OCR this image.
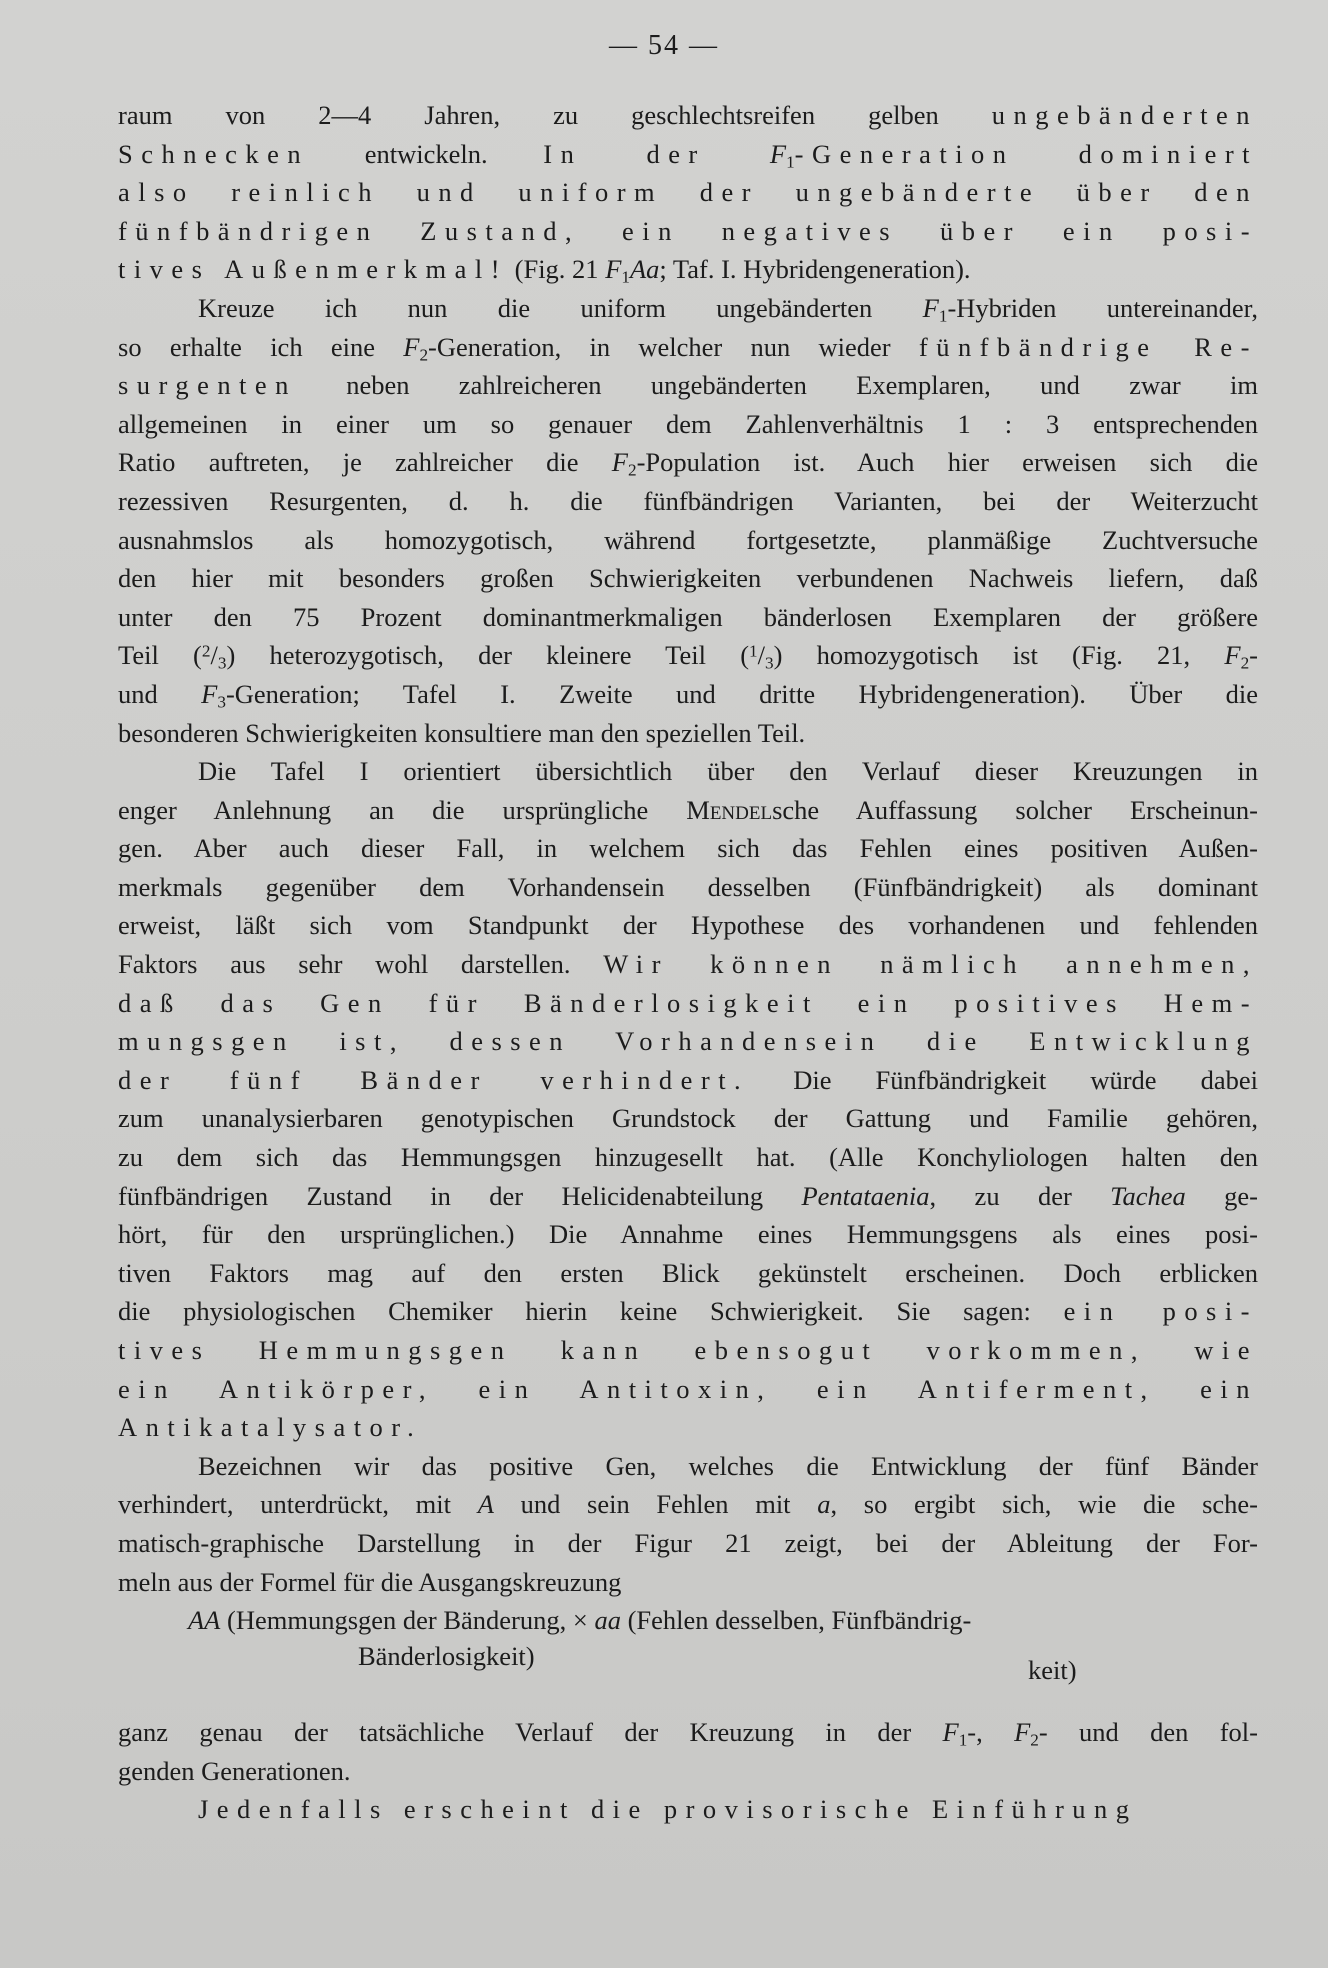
— 54 —
raum von 2—4 Jahren, zu geschlechtsreifen gelben ungebänderten
Schnecken entwickeln. In der $F_1$-Generation dominiert
also reinlich und uniform der ungebänderte über den
fünfbändrigen Zustand, ein negatives über ein posi-
tives Außenmerkmal! (Fig. 21 $F_1Aa$; Taf. I. Hybridengeneration).
Kreuze ich nun die uniform ungebänderten $F_1$-Hybriden untereinander,
so erhalte ich eine $F_2$-Generation, in welcher nun wieder fünfbändrige Re-
surgenten neben zahlreicheren ungebänderten Exemplaren, und zwar im
allgemeinen in einer um so genauer dem Zahlenverhältnis 1 : 3 entsprechenden
Ratio auftreten, je zahlreicher die $F_2$-Population ist. Auch hier erweisen sich die
rezessiven Resurgenten, d. h. die fünfbändrigen Varianten, bei der Weiterzucht
ausnahmslos als homozygotisch, während fortgesetzte, planmäßige Zuchtversuche
den hier mit besonders großen Schwierigkeiten verbundenen Nachweis liefern, daß
unter den 75 Prozent dominantmerkmaligen bänderlosen Exemplaren der größere
Teil $(^2/_3)$ heterozygotisch, der kleinere Teil $(^1/_3)$ homozygotisch ist (Fig. 21, $F_2-$
und $F_3$-Generation; Tafel I. Zweite und dritte Hybridengeneration). Über die
besonderen Schwierigkeiten konsultiere man den speziellen Teil.
Die Tafel I orientiert übersichtlich über den Verlauf dieser Kreuzungen in
enger Anlehnung an die ursprüngliche Mendelsche Auffassung solcher Erscheinun-
gen. Aber auch dieser Fall, in welchem sich das Fehlen eines positiven Außen-
merkmals gegenüber dem Vorhandensein desselben (Fünfbändrigkeit) als dominant
erweist, läßt sich vom Standpunkt der Hypothese des vorhandenen und fehlenden
Faktors aus sehr wohl darstellen. Wir können nämlich annehmen,
daß das Gen für Bänderlosigkeit ein positives Hem-
mungsgen ist, dessen Vorhandensein die Entwicklung
der fünf Bänder verhindert. Die Fünfbändrigkeit würde dabei
zum unanalysierbaren genotypischen Grundstock der Gattung und Familie gehören,
zu dem sich das Hemmungsgen hinzugesellt hat. (Alle Konchyliologen halten den
fünfbändrigen Zustand in der Helicidenabteilung Pentataenia, zu der Tachea ge-
hört, für den ursprünglichen.) Die Annahme eines Hemmungsgens als eines posi-
tiven Faktors mag auf den ersten Blick gekünstelt erscheinen. Doch erblicken
die physiologischen Chemiker hierin keine Schwierigkeit. Sie sagen: ein posi-
tives Hemmungsgen kann ebensogut vorkommen, wie
ein Antikörper, ein Antitoxin, ein Antiferment, ein
Antikatalysator.
Bezeichnen wir das positive Gen, welches die Entwicklung der fünf Bänder
verhindert, unterdrückt, mit A und sein Fehlen mit a, so ergibt sich, wie die sche-
matisch-graphische Darstellung in der Figur 21 zeigt, bei der Ableitung der For-
meln aus der Formel für die Ausgangskreuzung
AA (Hemmungsgen der Bänderung, × aa (Fehlen desselben, Fünfbändrig-
Bänderlosigkeit)	keit)
ganz genau der tatsächliche Verlauf der Kreuzung in der $F_1-$, $F_2-$ und den fol-
genden Generationen.
Jedenfalls erscheint die provisorische Einführung
